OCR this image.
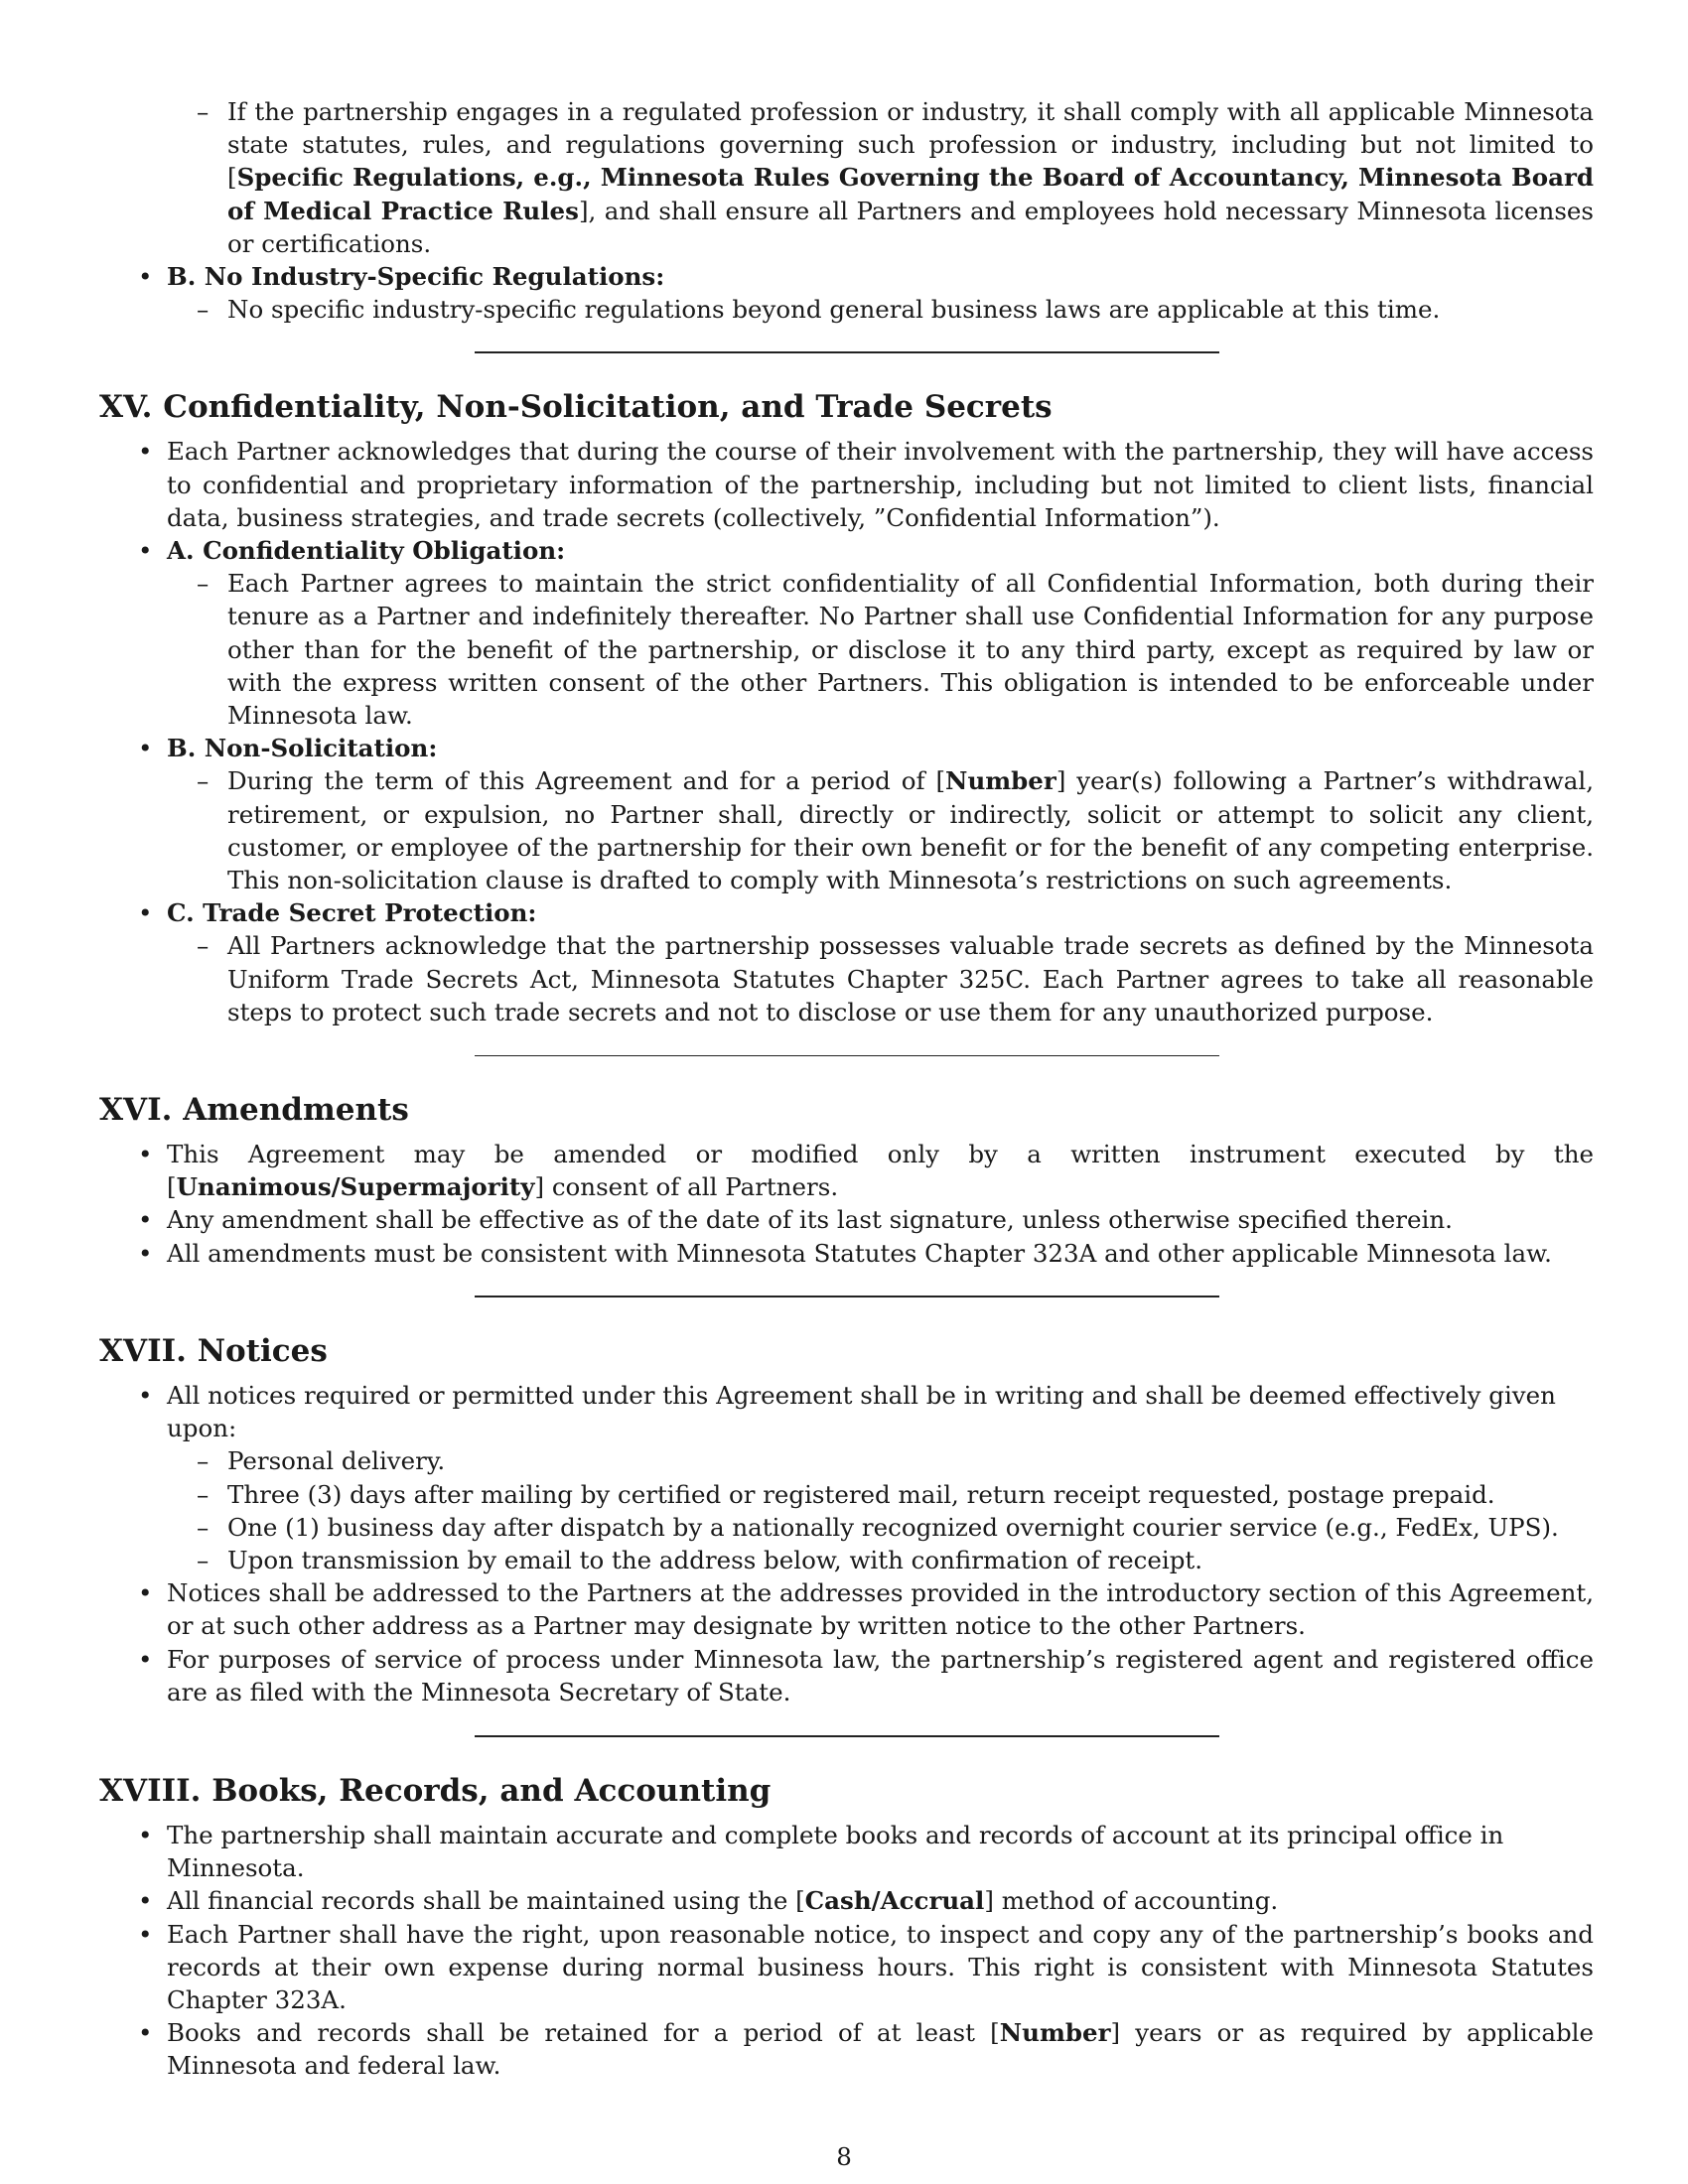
– If the partnership engages in a regulated profession or industry, it shall comply with all applicable Minnesota state statutes, rules, and regulations governing such profession or industry, including but not limited to [Specific Regulations, e.g., Minnesota Rules Governing the Board of Accountancy, Minnesota Board of Medical Practice Rules], and shall ensure all Partners and employees hold necessary Minnesota licenses or certifications.
• B. No Industry-Specific Regulations:
– No specific industry-specific regulations beyond general business laws are applicable at this time.
XV. Confidentiality, Non-Solicitation, and Trade Secrets
• Each Partner acknowledges that during the course of their involvement with the partnership, they will have access to confidential and proprietary information of the partnership, including but not limited to client lists, financial data, business strategies, and trade secrets (collectively, ”Confidential Information”).
• A. Confidentiality Obligation:
– Each Partner agrees to maintain the strict confidentiality of all Confidential Information, both during their tenure as a Partner and indefinitely thereafter. No Partner shall use Confidential Information for any purpose other than for the benefit of the partnership, or disclose it to any third party, except as required by law or with the express written consent of the other Partners. This obligation is intended to be enforceable under Minnesota law.
• B. Non-Solicitation:
– During the term of this Agreement and for a period of [Number] year(s) following a Partner’s withdrawal, retirement, or expulsion, no Partner shall, directly or indirectly, solicit or attempt to solicit any client, customer, or employee of the partnership for their own benefit or for the benefit of any competing enterprise. This non-solicitation clause is drafted to comply with Minnesota’s restrictions on such agreements.
• C. Trade Secret Protection:
– All Partners acknowledge that the partnership possesses valuable trade secrets as defined by the Minnesota Uniform Trade Secrets Act, Minnesota Statutes Chapter 325C. Each Partner agrees to take all reasonable steps to protect such trade secrets and not to disclose or use them for any unauthorized purpose.
XVI. Amendments
• This Agreement may be amended or modified only by a written instrument executed by the [Unanimous/Supermajority] consent of all Partners.
• Any amendment shall be effective as of the date of its last signature, unless otherwise specified therein.
• All amendments must be consistent with Minnesota Statutes Chapter 323A and other applicable Minnesota law.
XVII. Notices
• All notices required or permitted under this Agreement shall be in writing and shall be deemed effectively given upon:
– Personal delivery.
– Three (3) days after mailing by certified or registered mail, return receipt requested, postage prepaid.
– One (1) business day after dispatch by a nationally recognized overnight courier service (e.g., FedEx, UPS).
– Upon transmission by email to the address below, with confirmation of receipt.
• Notices shall be addressed to the Partners at the addresses provided in the introductory section of this Agreement, or at such other address as a Partner may designate by written notice to the other Partners.
• For purposes of service of process under Minnesota law, the partnership’s registered agent and registered office are as filed with the Minnesota Secretary of State.
XVIII. Books, Records, and Accounting
• The partnership shall maintain accurate and complete books and records of account at its principal office in Minnesota.
• All financial records shall be maintained using the [Cash/Accrual] method of accounting.
• Each Partner shall have the right, upon reasonable notice, to inspect and copy any of the partnership’s books and records at their own expense during normal business hours. This right is consistent with Minnesota Statutes Chapter 323A.
• Books and records shall be retained for a period of at least [Number] years or as required by applicable Minnesota and federal law.
8
